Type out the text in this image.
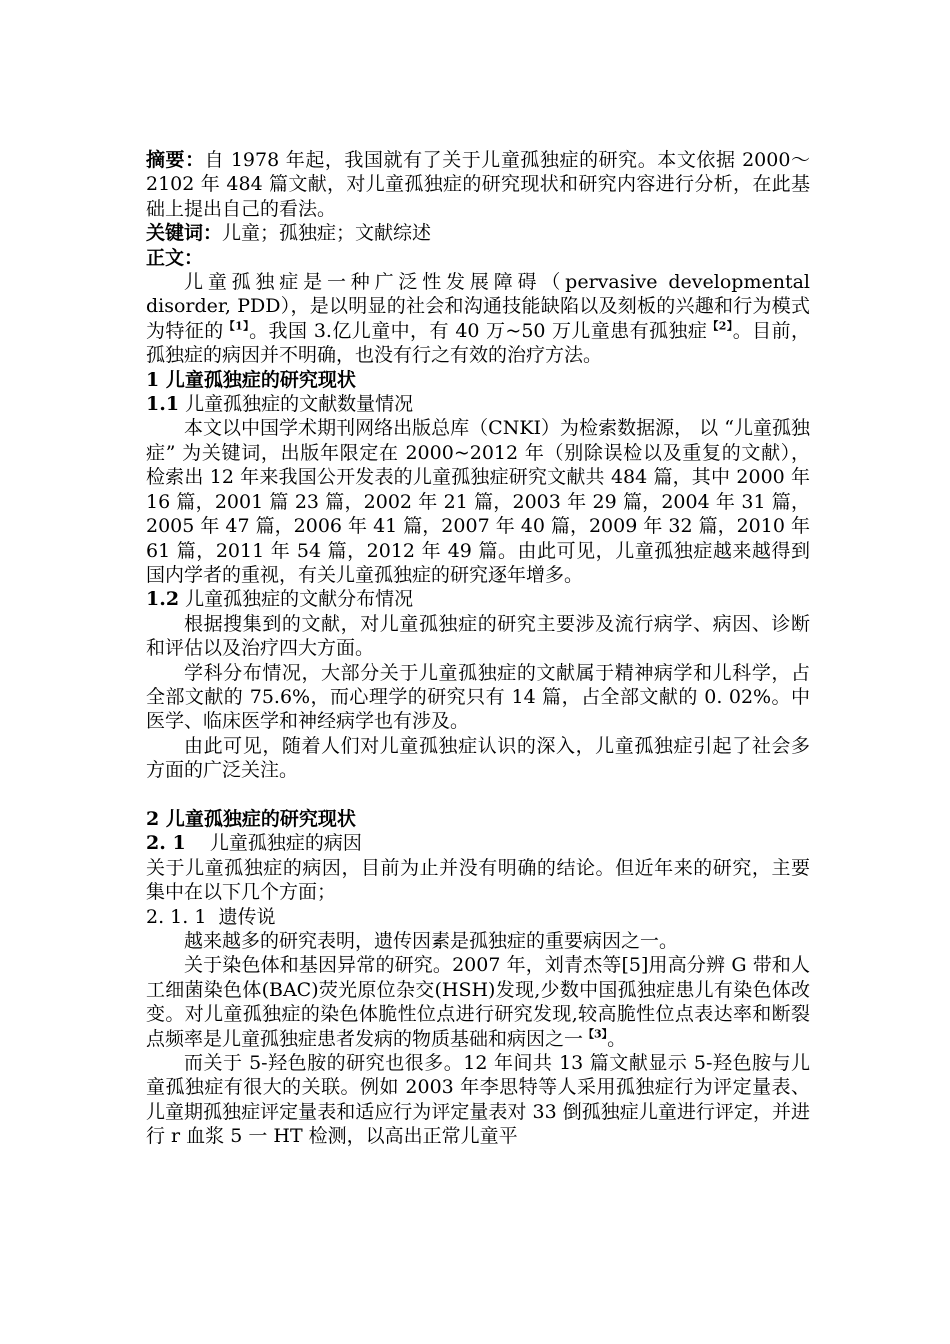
摘要：自 1978 年起，我国就有了关于儿童孤独症的研究。本文依据 2000～2102 年 484 篇文献，对儿童孤独症的研究现状和研究内容进行分析，在此基础上提出自己的看法。

关键词：儿童；孤独症；文献综述

正文：

儿童孤独症是一种广泛性发展障碍（pervasive developmental disorder, PDD），是以明显的社会和沟通技能缺陷以及刻板的兴趣和行为模式为特征的$^{【1】}$。我国 3.亿儿童中，有 40 万~50 万儿童患有孤独症$^{【2】}$。目前，孤独症的病因并不明确，也没有行之有效的治疗方法。

1 儿童孤独症的研究现状

1.1 儿童孤独症的文献数量情况

本文以中国学术期刊网络出版总库（CNKI）为检索数据源， 以 “儿童孤独症” 为关键词，出版年限定在 2000~2012 年（别除误检以及重复的文献）， 检索出 12 年来我国公开发表的儿童孤独症研究文献共 484 篇，其中 2000 年 16 篇，2001 篇 23 篇，2002 年 21 篇，2003 年 29 篇，2004 年 31 篇，2005 年 47 篇，2006 年 41 篇，2007 年 40 篇，2009 年 32 篇，2010 年 61 篇，2011 年 54 篇，2012 年 49 篇。由此可见，儿童孤独症越来越得到国内学者的重视，有关儿童孤独症的研究逐年增多。

1.2 儿童孤独症的文献分布情况

根据搜集到的文献，对儿童孤独症的研究主要涉及流行病学、病因、诊断和评估以及治疗四大方面。

学科分布情况，大部分关于儿童孤独症的文献属于精神病学和儿科学，占全部文献的 75.6%，而心理学的研究只有 14 篇，占全部文献的 0. 02%。中医学、临床医学和神经病学也有涉及。

由此可见，随着人们对儿童孤独症认识的深入，儿童孤独症引起了社会多方面的广泛关注。

2 儿童孤独症的研究现状

2. 1    儿童孤独症的病因

关于儿童孤独症的病因，目前为止并没有明确的结论。但近年来的研究，主要集中在以下几个方面；

2. 1. 1  遗传说

越来越多的研究表明，遗传因素是孤独症的重要病因之一。

关于染色体和基因异常的研究。2007 年，刘青杰等[5]用高分辨 G 带和人工细菌染色体(BAC)荧光原位杂交(HSH)发现,少数中国孤独症患儿有染色体改变。对儿童孤独症的染色体脆性位点进行研究发现,较高脆性位点表达率和断裂点频率是儿童孤独症患者发病的物质基础和病因之一$^{【3】}$。

而关于 5-羟色胺的研究也很多。12 年间共 13 篇文献显示 5-羟色胺与儿童孤独症有很大的关联。例如 2003 年李思特等人采用孤独症行为评定量表、儿童期孤独症评定量表和适应行为评定量表对 33 倒孤独症儿童进行评定，并进行 r 血浆 5 一 HT 检测，以高出正常儿童平
